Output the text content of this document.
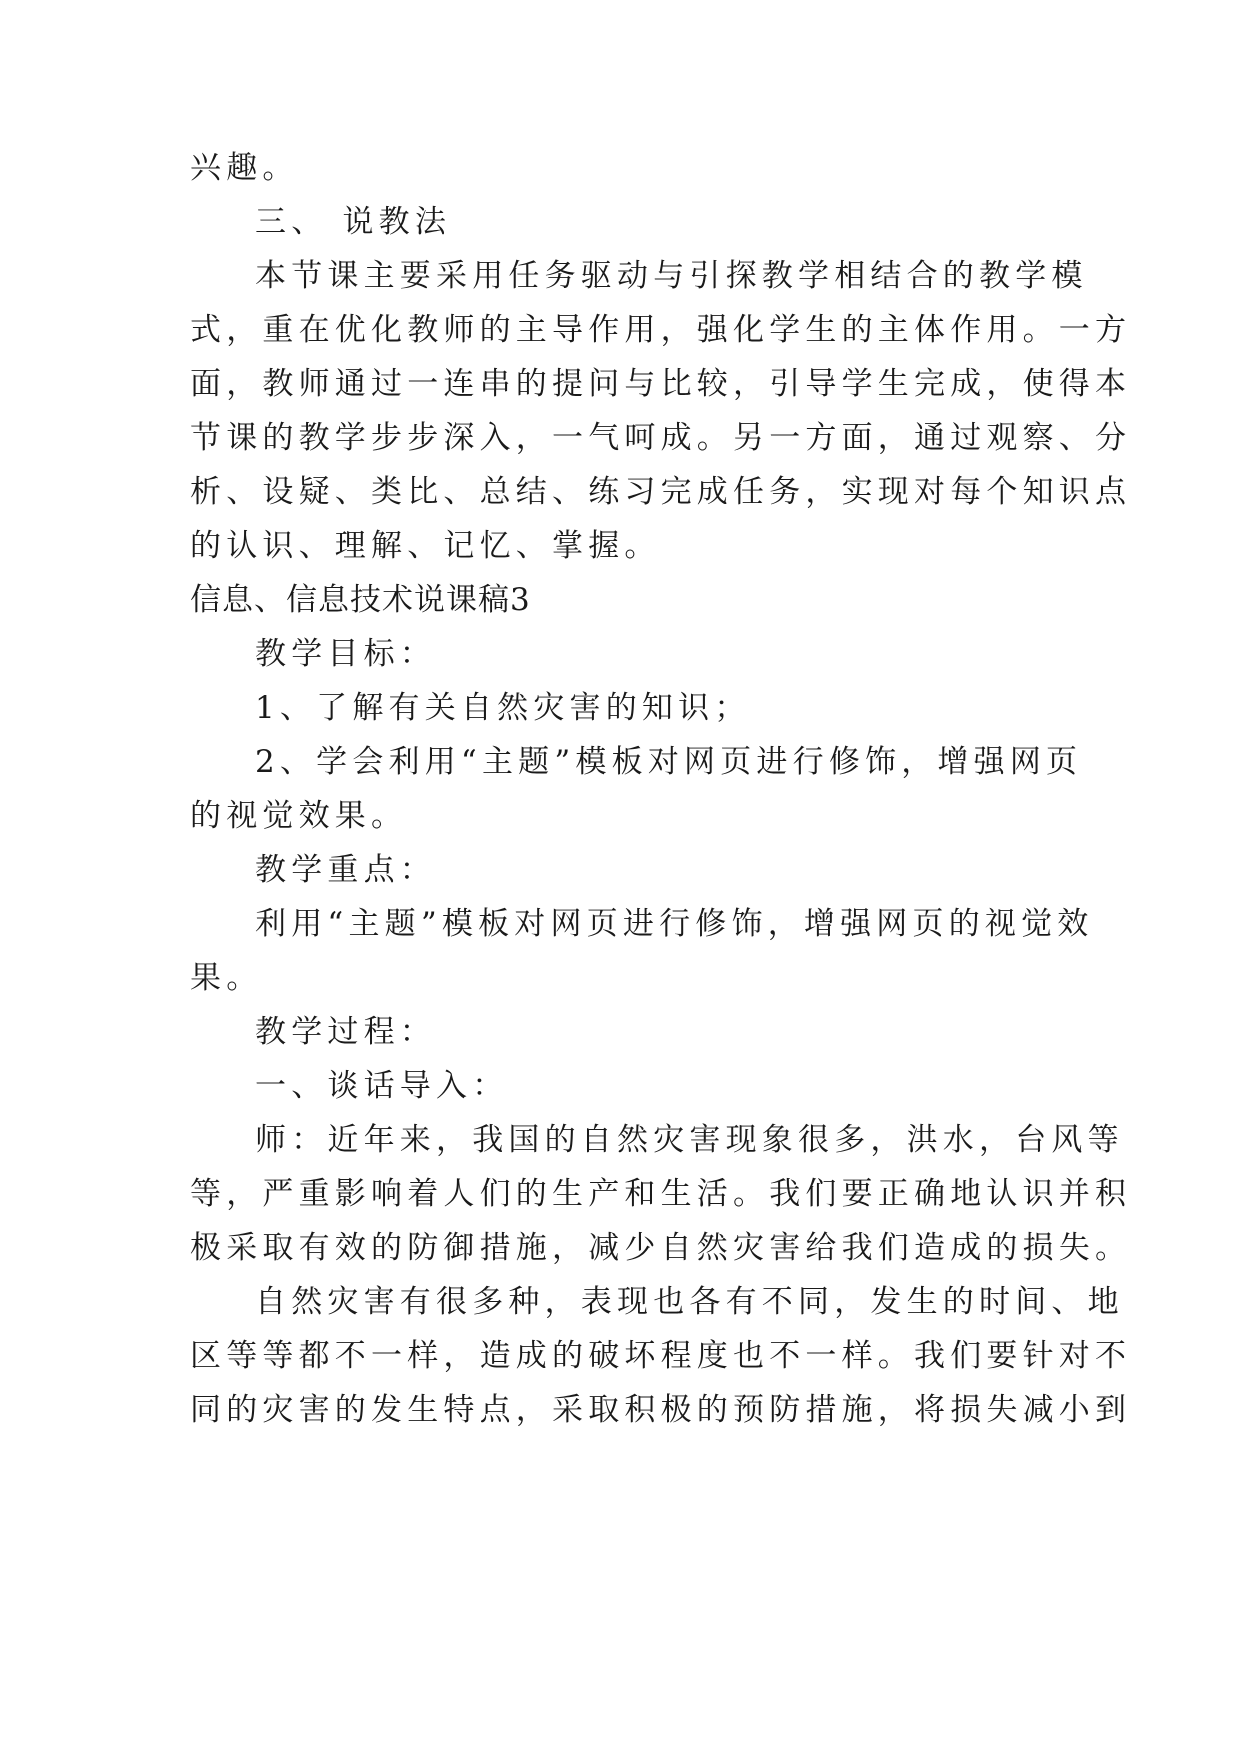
兴趣。
三、 说教法
本节课主要采用任务驱动与引探教学相结合的教学模
式，重在优化教师的主导作用，强化学生的主体作用。一方
面，教师通过一连串的提问与比较，引导学生完成，使得本
节课的教学步步深入，一气呵成。另一方面，通过观察、分
析、设疑、类比、总结、练习完成任务，实现对每个知识点
的认识、理解、记忆、掌握。
信息、信息技术说课稿3
教学目标：
1、了解有关自然灾害的知识；
2、学会利用“主题”模板对网页进行修饰，增强网页
的视觉效果。
教学重点：
利用“主题”模板对网页进行修饰，增强网页的视觉效
果。
教学过程：
一、谈话导入：
师：近年来，我国的自然灾害现象很多，洪水，台风等
等，严重影响着人们的生产和生活。我们要正确地认识并积
极采取有效的防御措施，减少自然灾害给我们造成的损失。
自然灾害有很多种，表现也各有不同，发生的时间、地
区等等都不一样，造成的破坏程度也不一样。我们要针对不
同的灾害的发生特点，采取积极的预防措施，将损失减小到
